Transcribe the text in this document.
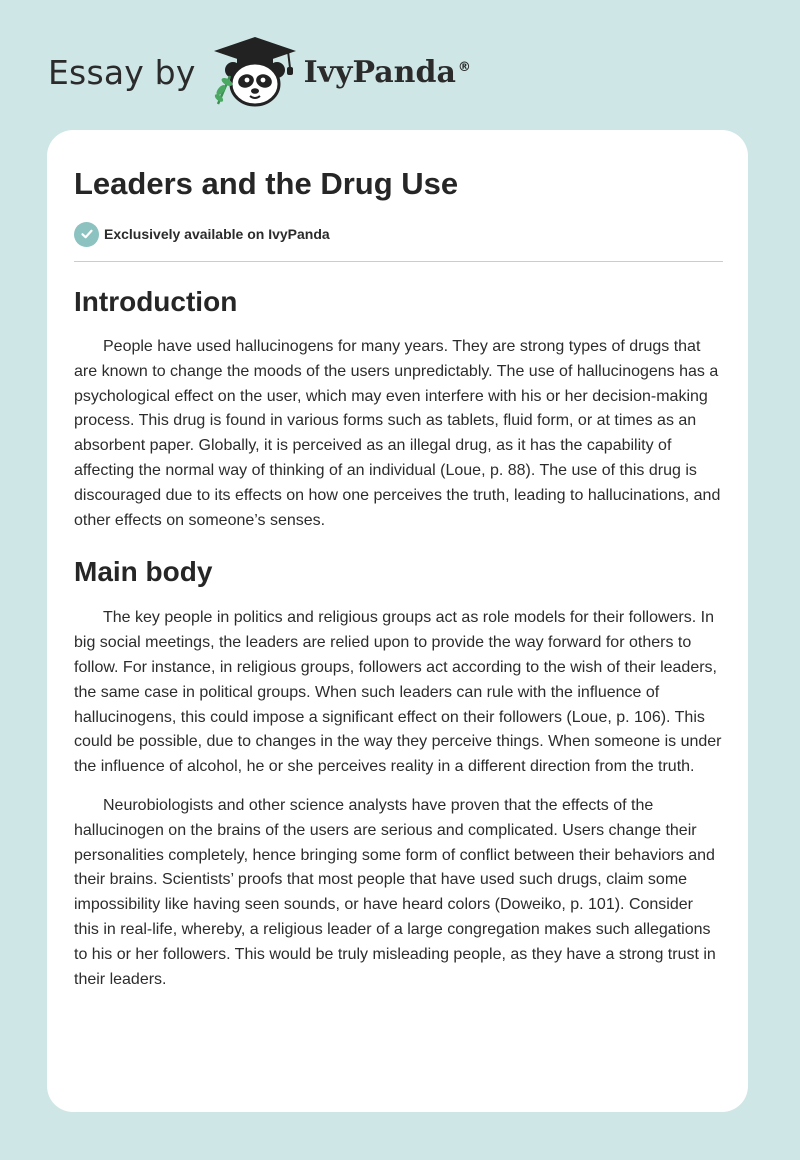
Essay by	IvyPanda ®
Leaders and the Drug Use
Exclusively available on IvyPanda
Introduction

People have used hallucinogens for many years. They are strong types of drugs that are known to change the moods of the users unpredictably. The use of hallucinogens has a psychological effect on the user, which may even interfere with his or her decision-making process. This drug is found in various forms such as tablets, fluid form, or at times as an absorbent paper. Globally, it is perceived as an illegal drug, as it has the capability of affecting the normal way of thinking of an individual (Loue, p. 88). The use of this drug is discouraged due to its effects on how one perceives the truth, leading to hallucinations, and other effects on someone’s senses.

Main body

The key people in politics and religious groups act as role models for their followers. In big social meetings, the leaders are relied upon to provide the way forward for others to follow. For instance, in religious groups, followers act according to the wish of their leaders, the same case in political groups. When such leaders can rule with the influence of hallucinogens, this could impose a significant effect on their followers (Loue, p. 106). This could be possible, due to changes in the way they perceive things. When someone is under the influence of alcohol, he or she perceives reality in a different direction from the truth.

Neurobiologists and other science analysts have proven that the effects of the hallucinogen on the brains of the users are serious and complicated. Users change their personalities completely, hence bringing some form of conflict between their behaviors and their brains. Scientists’ proofs that most people that have used such drugs, claim some impossibility like having seen sounds, or have heard colors (Doweiko, p. 101). Consider this in real-life, whereby, a religious leader of a large congregation makes such allegations to his or her followers. This would be truly misleading people, as they have a strong trust in their leaders.
